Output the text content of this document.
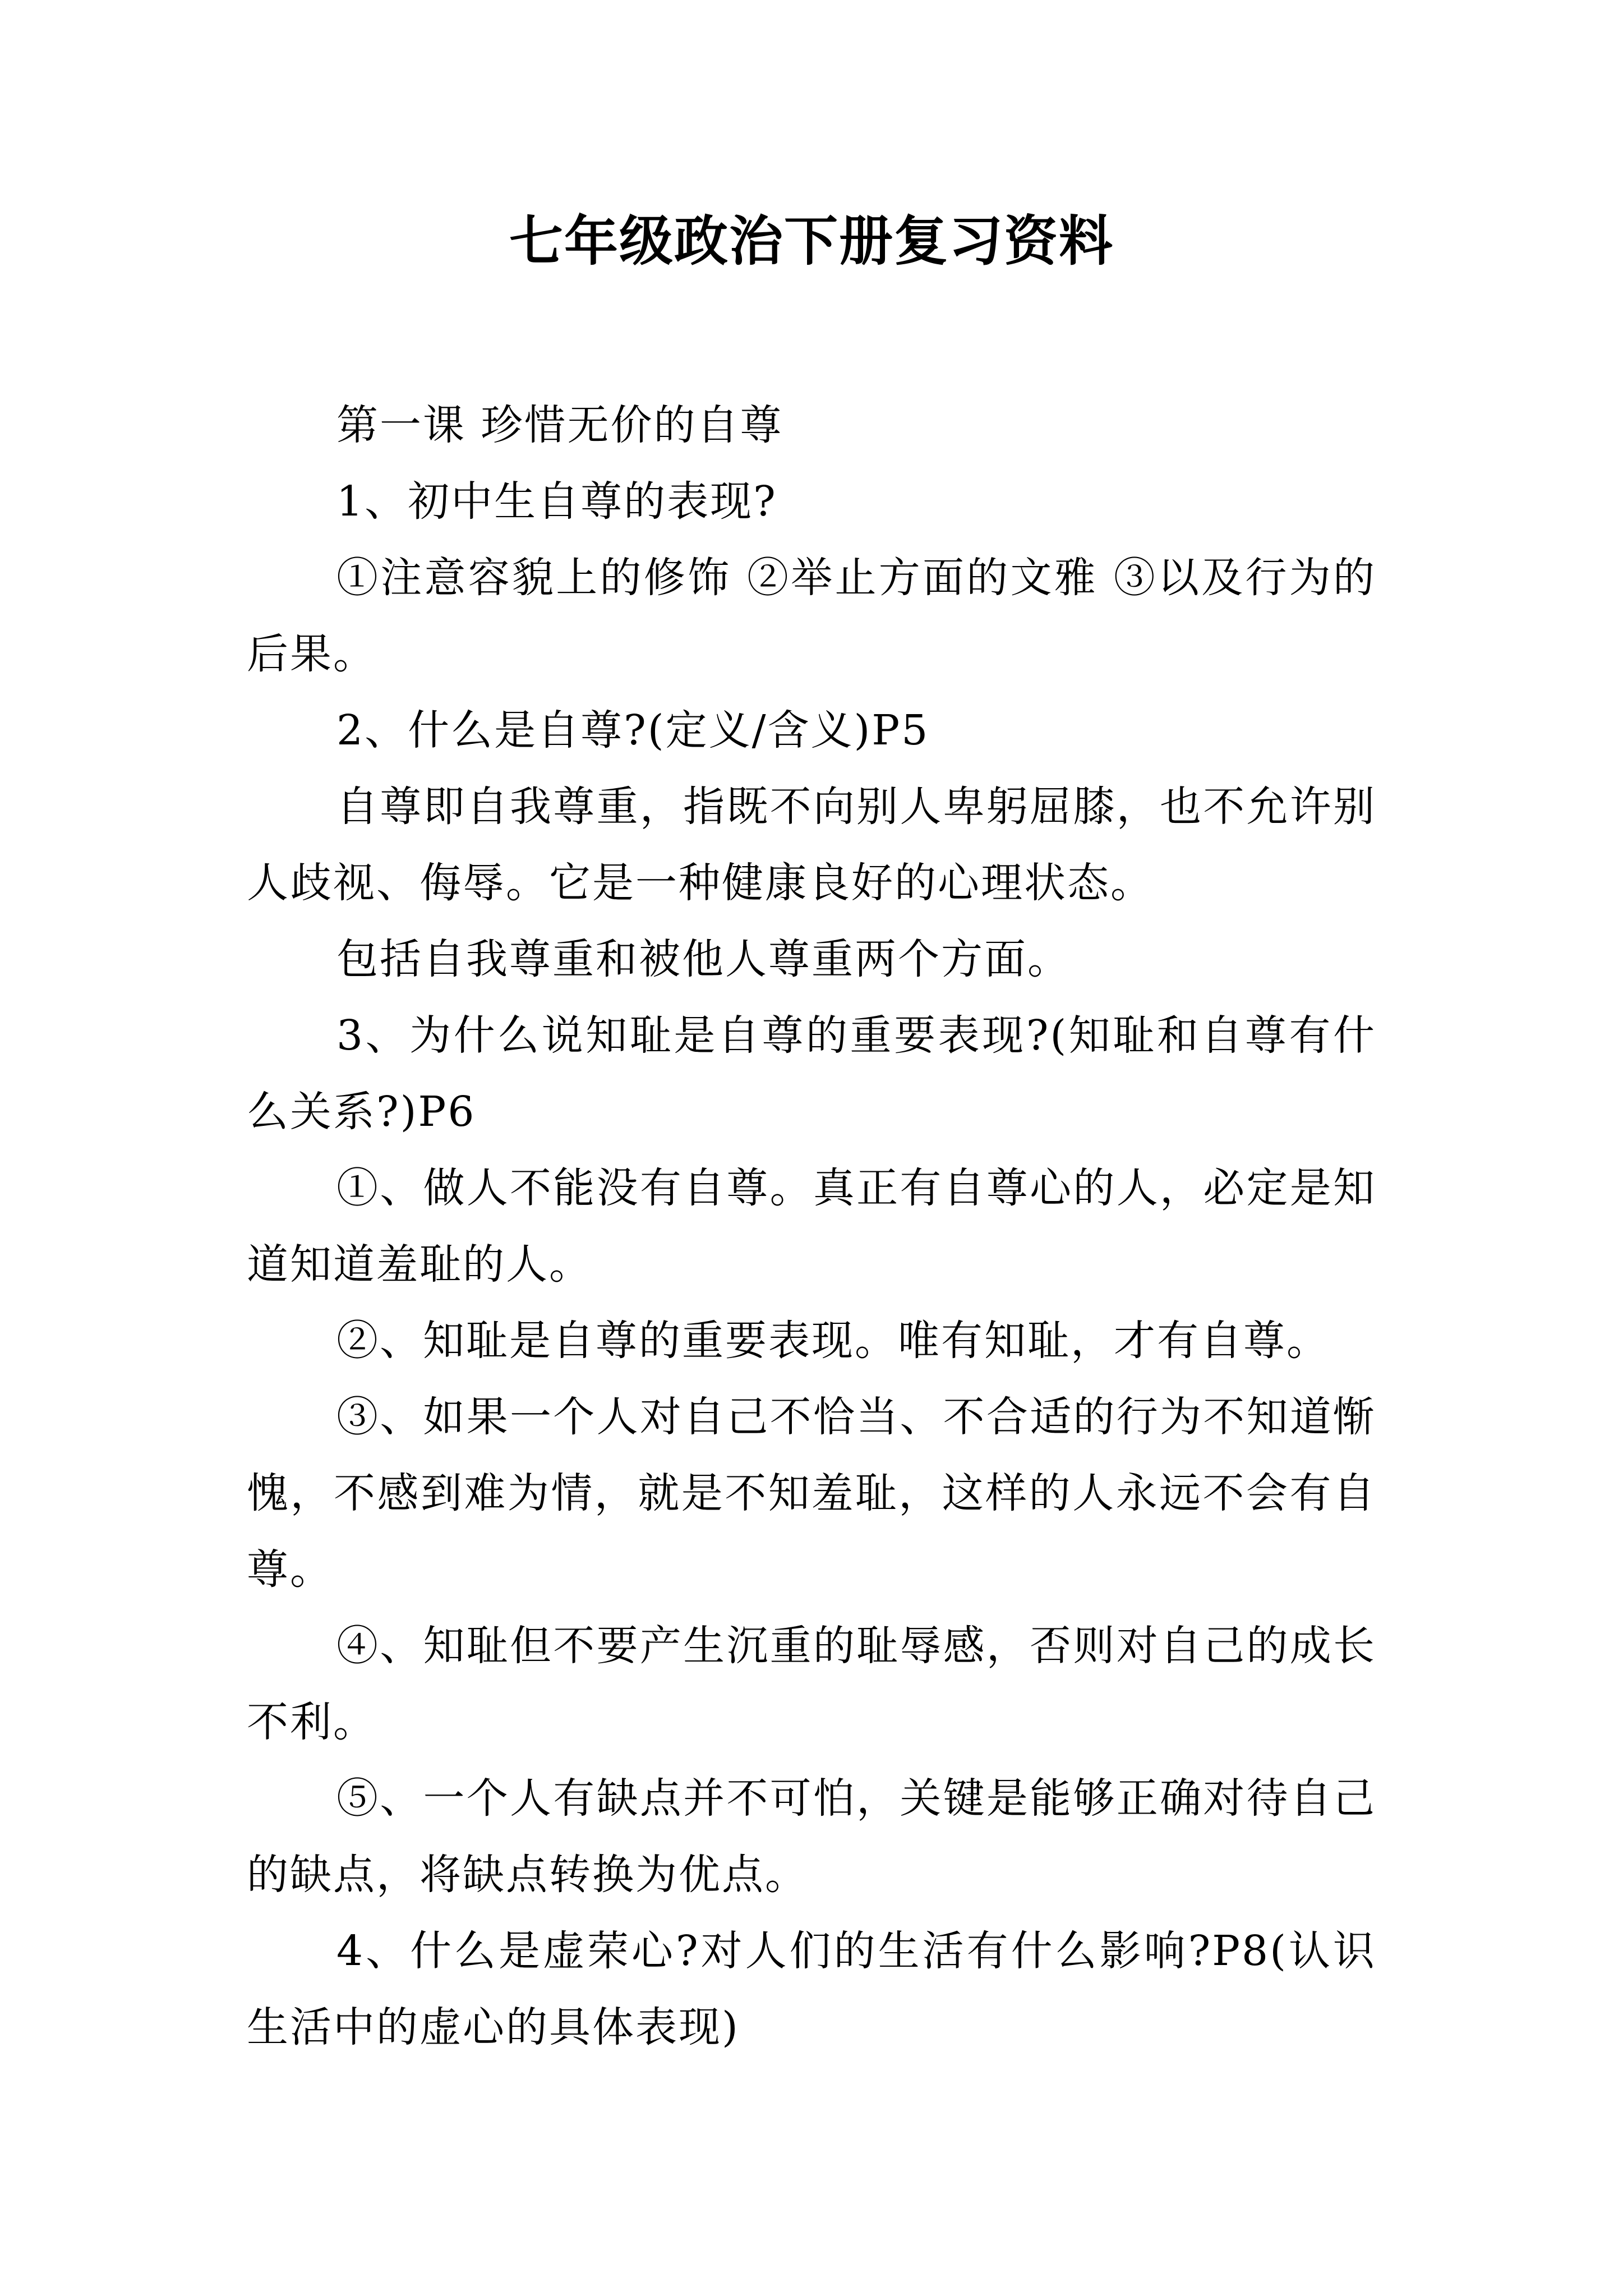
七年级政治下册复习资料

第一课 珍惜无价的自尊

1、初中生自尊的表现?

①注意容貌上的修饰 ②举止方面的文雅 ③以及行为的后果。

2、什么是自尊?(定义/含义)P5

自尊即自我尊重，指既不向别人卑躬屈膝，也不允许别人歧视、侮辱。它是一种健康良好的心理状态。

包括自我尊重和被他人尊重两个方面。

3、为什么说知耻是自尊的重要表现?(知耻和自尊有什么关系?)P6

①、做人不能没有自尊。真正有自尊心的人，必定是知道知道羞耻的人。

②、知耻是自尊的重要表现。唯有知耻，才有自尊。

③、如果一个人对自己不恰当、不合适的行为不知道惭愧，不感到难为情，就是不知羞耻，这样的人永远不会有自尊。

④、知耻但不要产生沉重的耻辱感，否则对自己的成长不利。

⑤、一个人有缺点并不可怕，关键是能够正确对待自己的缺点，将缺点转换为优点。

4、什么是虚荣心?对人们的生活有什么影响?P8(认识生活中的虚心的具体表现)
